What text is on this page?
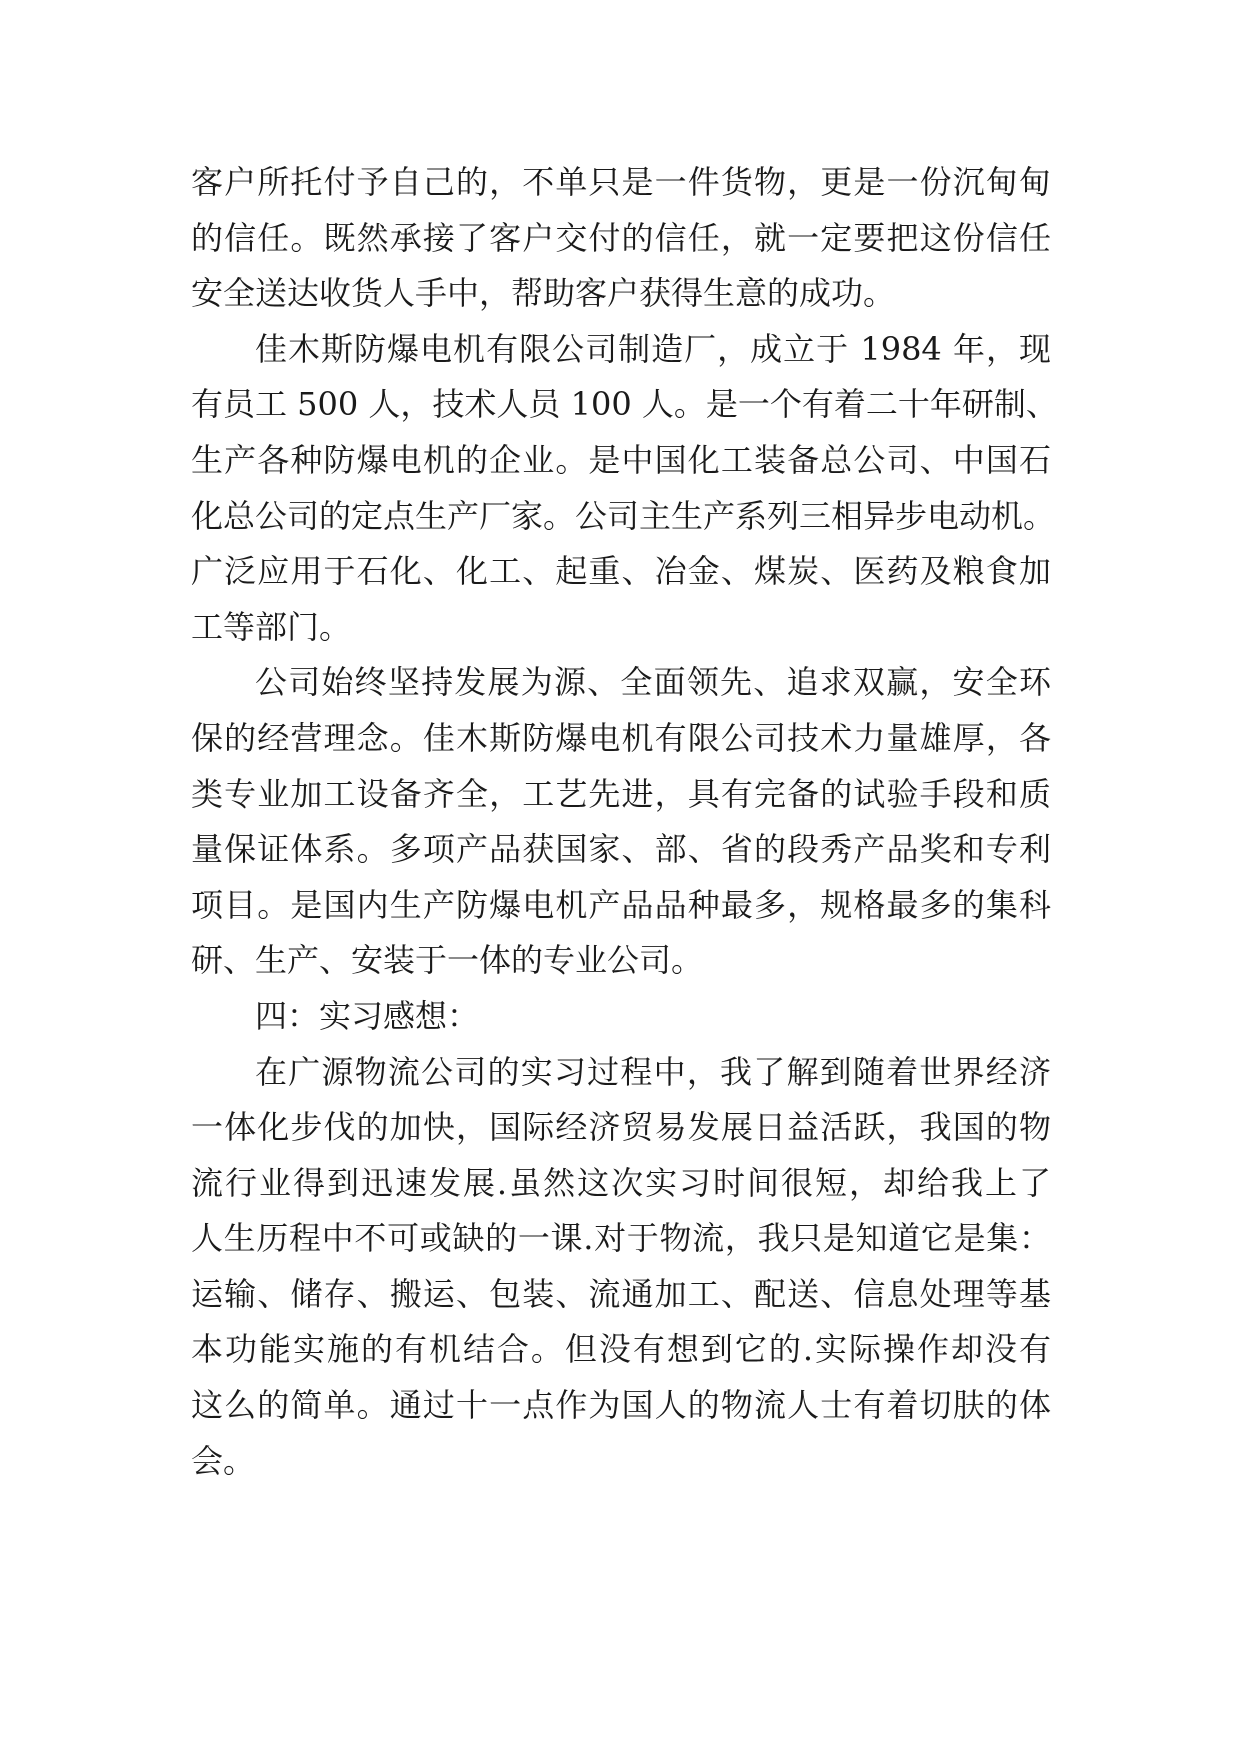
客户所托付予自己的，不单只是一件货物，更是一份沉甸甸
的信任。既然承接了客户交付的信任，就一定要把这份信任
安全送达收货人手中，帮助客户获得生意的成功。
佳木斯防爆电机有限公司制造厂，成立于 1984 年，现
有员工 500 人，技术人员 100 人。是一个有着二十年研制、
生产各种防爆电机的企业。是中国化工装备总公司、中国石
化总公司的定点生产厂家。公司主生产系列三相异步电动机。
广泛应用于石化、化工、起重、冶金、煤炭、医药及粮食加
工等部门。
公司始终坚持发展为源、全面领先、追求双赢，安全环
保的经营理念。佳木斯防爆电机有限公司技术力量雄厚，各
类专业加工设备齐全，工艺先进，具有完备的试验手段和质
量保证体系。多项产品获国家、部、省的段秀产品奖和专利
项目。是国内生产防爆电机产品品种最多，规格最多的集科
研、生产、安装于一体的专业公司。
四：实习感想：
在广源物流公司的实习过程中，我了解到随着世界经济
一体化步伐的加快，国际经济贸易发展日益活跃，我国的物
流行业得到迅速发展.虽然这次实习时间很短，却给我上了
人生历程中不可或缺的一课.对于物流，我只是知道它是集：
运输、储存、搬运、包装、流通加工、配送、信息处理等基
本功能实施的有机结合。但没有想到它的.实际操作却没有
这么的简单。通过十一点作为国人的物流人士有着切肤的体
会。
